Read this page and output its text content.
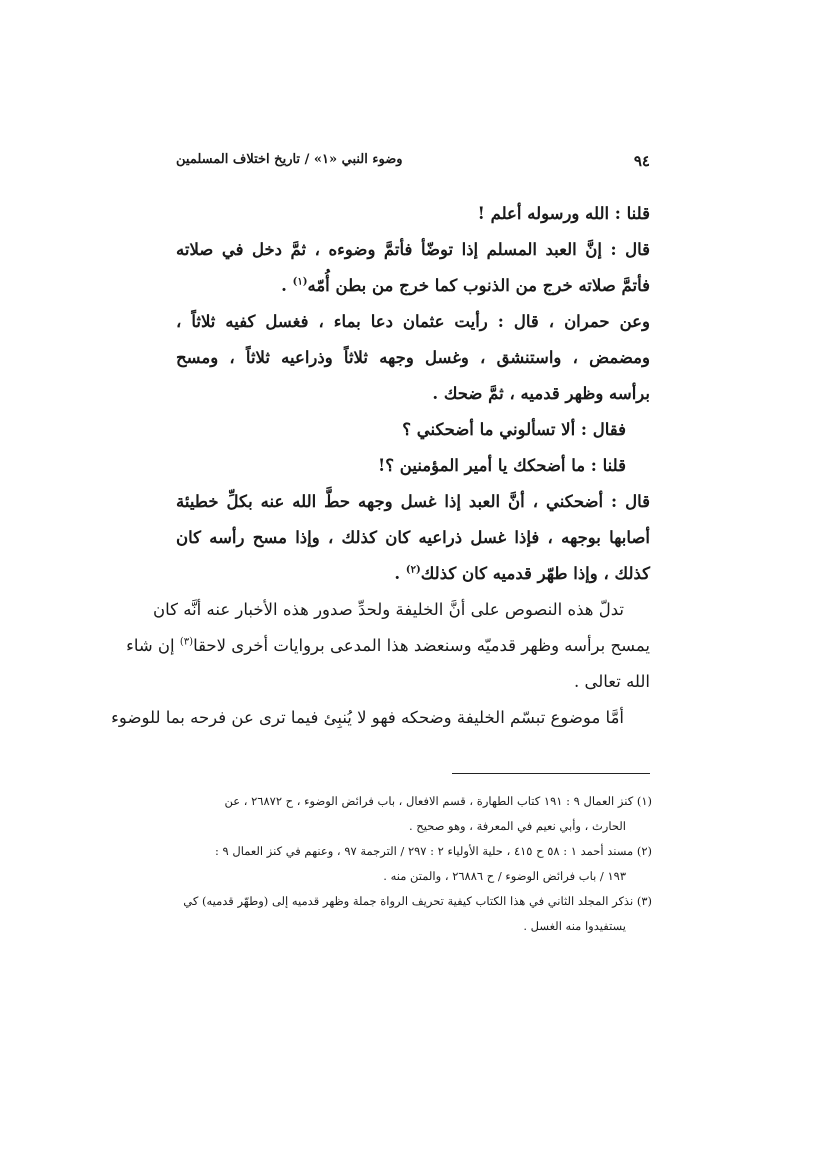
٩٤
وضوء النبي «١» / تاريخ اختلاف المسلمين
قلنا : الله ورسوله أعلم !
قال : إنَّ العبد المسلم إذا توضّأ فأتمَّ وضوءه ، ثمَّ دخل في صلاته
فأتمَّ صلاته خرج من الذنوب كما خرج من بطن أُمّه$^{(١)}$ .
وعن حمران ، قال : رأيت عثمان دعا بماء ، فغسل كفيه ثلاثاً ،
ومضمض ، واستنشق ، وغسل وجهه ثلاثاً وذراعيه ثلاثاً ، ومسح
برأسه وظهر قدميه ، ثمَّ ضحك .
فقال : ألا تسألوني ما أضحكني ؟
قلنا : ما أضحكك يا أمير المؤمنين ؟!
قال : أضحكني ، أنَّ العبد إذا غسل وجهه حطَّ الله عنه بكلِّ خطيئة
أصابها بوجهه ، فإذا غسل ذراعيه كان كذلك ، وإذا مسح رأسه كان
كذلك ، وإذا طهّر قدميه كان كذلك$^{(٢)}$ .
تدلّ هذه النصوص على أنَّ الخليفة ولحدِّ صدور هذه الأخبار عنه أنَّه كان
يمسح برأسه وظهر قدميّه وسنعضد هذا المدعى بروايات أخرى لاحقا$^{(٣)}$ إن شاء
الله تعالى .
أمَّا موضوع تبسّم الخليفة وضحكه فهو لا يُنبِئ فيما ترى عن فرحه بما للوضوء
(١) كنز العمال ٩ : ١٩١ كتاب الطهارة ، قسم الافعال ، باب فرائض الوضوء ، ح ٢٦٨٧٢ ، عن
الحارث ، وأبي نعيم في المعرفة ، وهو صحيح .
(٢) مسند أحمد ١ : ٥٨ ح ٤١٥ ، حلية الأولياء ٢ : ٢٩٧ / الترجمة ٩٧ ، وعنهم في كنز العمال ٩ :
١٩٣ / باب فرائض الوضوء / ح ٢٦٨٨٦ ، والمتن منه .
(٣) نذكر المجلد الثاني في هذا الكتاب كيفية تحريف الرواة جملة وظهر قدميه إلى (وطهّر قدميه) كي
يستفيدوا منه الغسل .
